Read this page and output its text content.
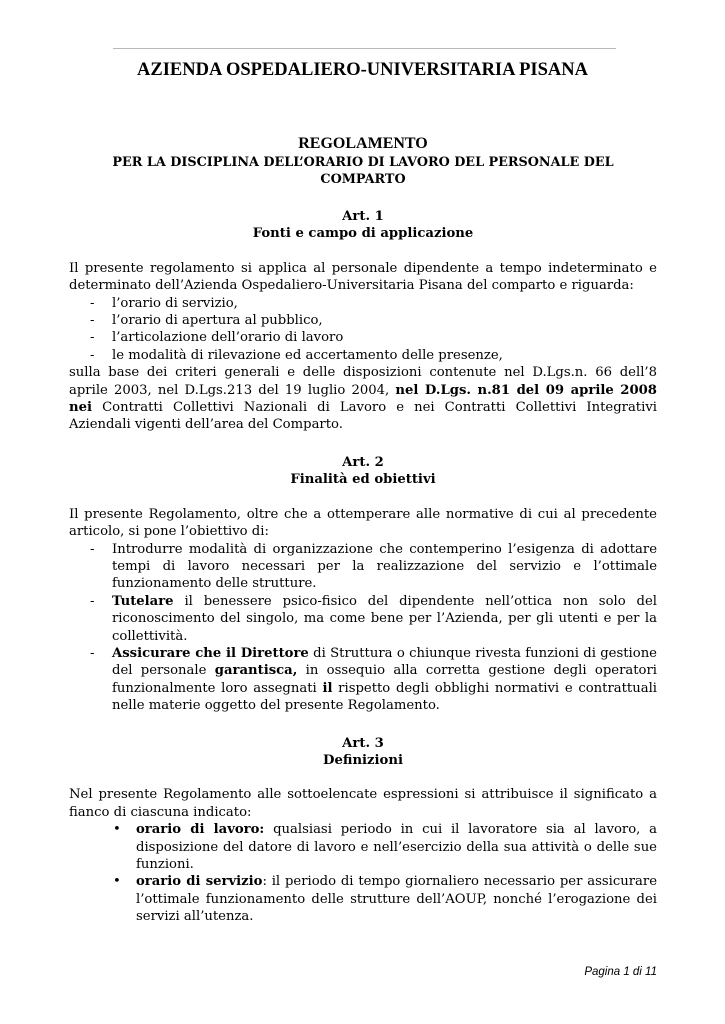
AZIENDA OSPEDALIERO-UNIVERSITARIA PISANA

REGOLAMENTO

PER LA DISCIPLINA DELL’ORARIO DI LAVORO DEL PERSONALE DEL COMPARTO

Art. 1

Fonti e campo di applicazione

Il presente regolamento si applica al personale dipendente a tempo indeterminato e determinato dell’Azienda Ospedaliero-Universitaria Pisana del comparto e riguarda:

- l’orario di servizio,
- l’orario di apertura al pubblico,
- l’articolazione dell’orario di lavoro
- le modalità di rilevazione ed accertamento delle presenze,

sulla base dei criteri generali e delle disposizioni contenute nel D.Lgs.n. 66 dell’8 aprile 2003, nel D.Lgs.213 del 19 luglio 2004, nel D.Lgs. n.81 del 09 aprile 2008 nei Contratti Collettivi Nazionali di Lavoro e nei Contratti Collettivi Integrativi Aziendali vigenti dell’area del Comparto.

Art. 2

Finalità ed obiettivi

Il presente Regolamento, oltre che a ottemperare alle normative di cui al precedente articolo, si pone l’obiettivo di:

- Introdurre modalità di organizzazione che contemperino l’esigenza di adottare tempi di lavoro necessari per la realizzazione del servizio e l’ottimale funzionamento delle strutture.
- Tutelare il benessere psico-fisico del dipendente nell’ottica non solo del riconoscimento del singolo, ma come bene per l’Azienda, per gli utenti e per la collettività.
- Assicurare che il Direttore di Struttura o chiunque rivesta funzioni di gestione del personale garantisca, in ossequio alla corretta gestione degli operatori funzionalmente loro assegnati il rispetto degli obblighi normativi e contrattuali nelle materie oggetto del presente Regolamento.

Art. 3

Definizioni

Nel presente Regolamento alle sottoelencate espressioni si attribuisce il significato a fianco di ciascuna indicato:

• orario di lavoro: qualsiasi periodo in cui il lavoratore sia al lavoro, a disposizione del datore di lavoro e nell’esercizio della sua attività o delle sue funzioni.
• orario di servizio: il periodo di tempo giornaliero necessario per assicurare l’ottimale funzionamento delle strutture dell’AOUP, nonché l’erogazione dei servizi all’utenza.
Pagina 1 di 11
